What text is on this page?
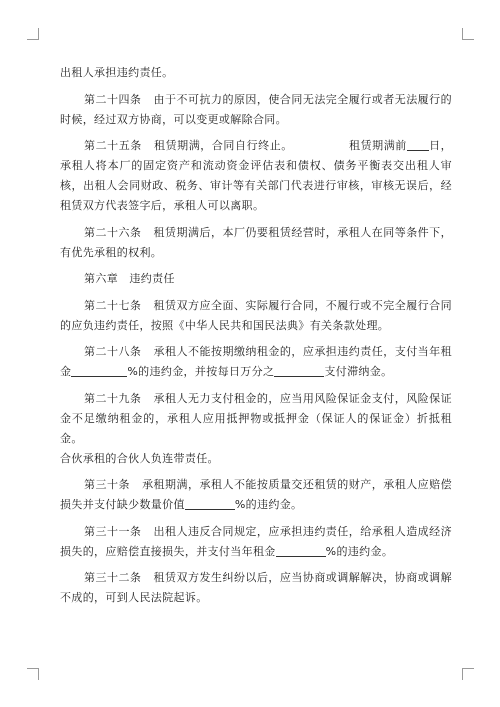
出租人承担违约责任。

第二十四条 由于不可抗力的原因，使合同无法完全履行或者无法履行的时候，经过双方协商，可以变更或解除合同。

第二十五条 租赁期满，合同自行终止。	租赁期满前 日，承租人将本厂的固定资产和流动资金评估表和债权、债务平衡表交出租人审核，出租人会同财政、税务、审计等有关部门代表进行审核，审核无误后，经租赁双方代表签字后，承租人可以离职。

第二十六条 租赁期满后，本厂仍要租赁经营时，承租人在同等条件下，有优先承租的权利。

第六章　违约责任

第二十七条 租赁双方应全面、实际履行合同，不履行或不完全履行合同的应负违约责任，按照《中华人民共和国民法典》有关条款处理。

第二十八条 承租人不能按期缴纳租金的，应承担违约责任，支付当年租金	%的违约金，并按每日万分之	支付滞纳金。

第二十九条 承租人无力支付租金的，应当用风险保证金支付，风险保证金不足缴纳租金的，承租人应用抵押物或抵押金（保证人的保证金）折抵租金。

合伙承租的合伙人负连带责任。

第三十条 承租期满，承租人不能按质量交还租赁的财产，承租人应赔偿损失并支付缺少数量价值	%的违约金。

第三十一条 出租人违反合同规定，应承担违约责任，给承租人造成经济损失的，应赔偿直接损失，并支付当年租金	%的违约金。

第三十二条 租赁双方发生纠纷以后，应当协商或调解解决，协商或调解不成的，可到人民法院起诉。
